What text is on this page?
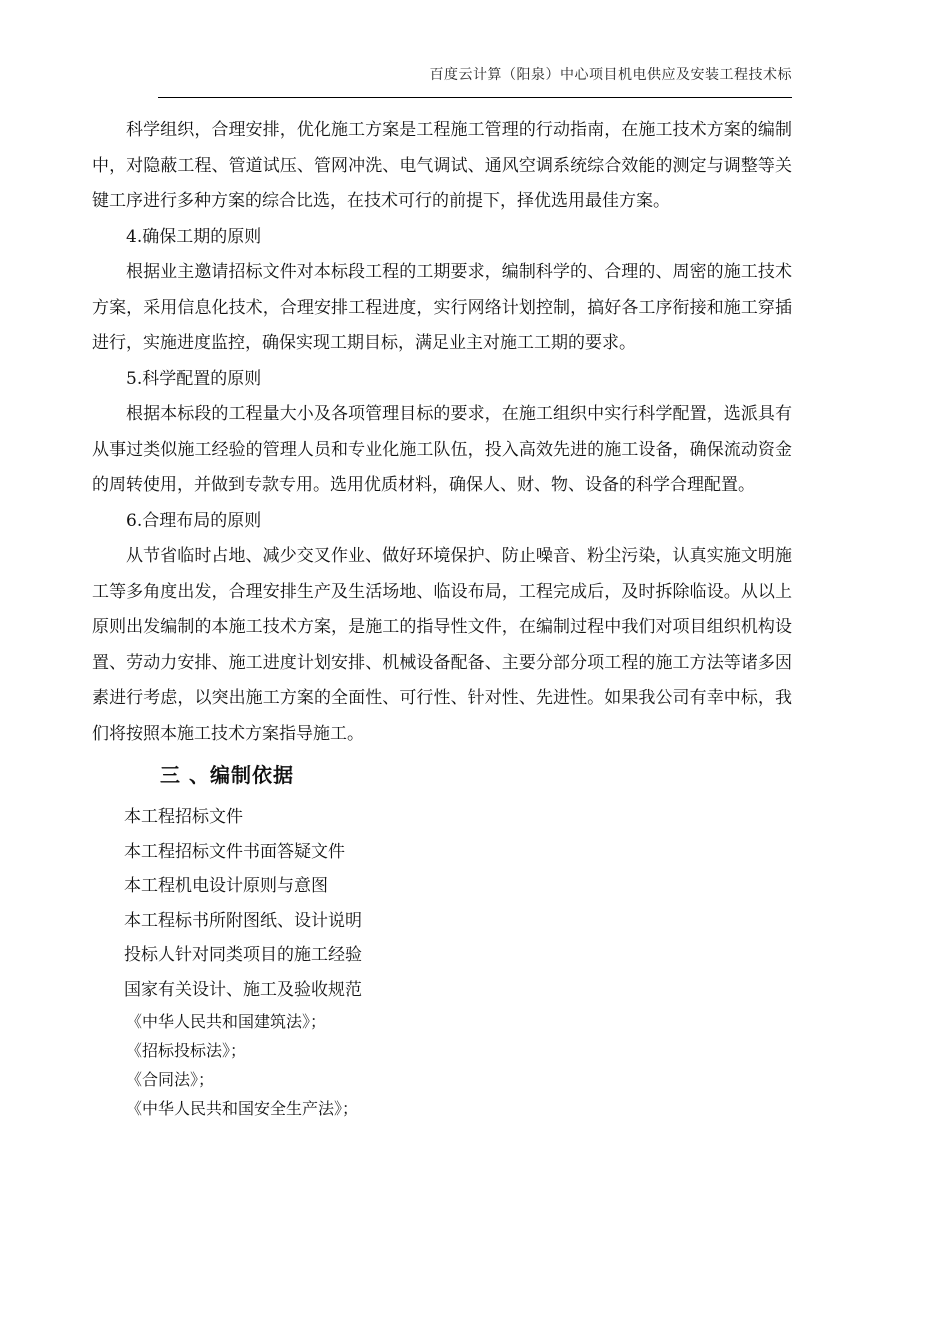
百度云计算（阳泉）中心项目机电供应及安装工程技术标

科学组织，合理安排，优化施工方案是工程施工管理的行动指南，在施工技术方案的编制中，对隐蔽工程、管道试压、管网冲洗、电气调试、通风空调系统综合效能的测定与调整等关键工序进行多种方案的综合比选，在技术可行的前提下，择优选用最佳方案。

4.确保工期的原则

根据业主邀请招标文件对本标段工程的工期要求，编制科学的、合理的、周密的施工技术方案，采用信息化技术，合理安排工程进度，实行网络计划控制，搞好各工序衔接和施工穿插进行，实施进度监控，确保实现工期目标，满足业主对施工工期的要求。

5.科学配置的原则

根据本标段的工程量大小及各项管理目标的要求，在施工组织中实行科学配置，选派具有从事过类似施工经验的管理人员和专业化施工队伍，投入高效先进的施工设备，确保流动资金的周转使用，并做到专款专用。选用优质材料，确保人、财、物、设备的科学合理配置。

6.合理布局的原则

从节省临时占地、减少交叉作业、做好环境保护、防止噪音、粉尘污染，认真实施文明施工等多角度出发，合理安排生产及生活场地、临设布局，工程完成后，及时拆除临设。从以上原则出发编制的本施工技术方案，是施工的指导性文件，在编制过程中我们对项目组织机构设置、劳动力安排、施工进度计划安排、机械设备配备、主要分部分项工程的施工方法等诸多因素进行考虑，以突出施工方案的全面性、可行性、针对性、先进性。如果我公司有幸中标，我们将按照本施工技术方案指导施工。

三 、编制依据
本工程招标文件
本工程招标文件书面答疑文件
本工程机电设计原则与意图
本工程标书所附图纸、设计说明
投标人针对同类项目的施工经验
国家有关设计、施工及验收规范
《中华人民共和国建筑法》；
《招标投标法》；
《合同法》；
《中华人民共和国安全生产法》；
